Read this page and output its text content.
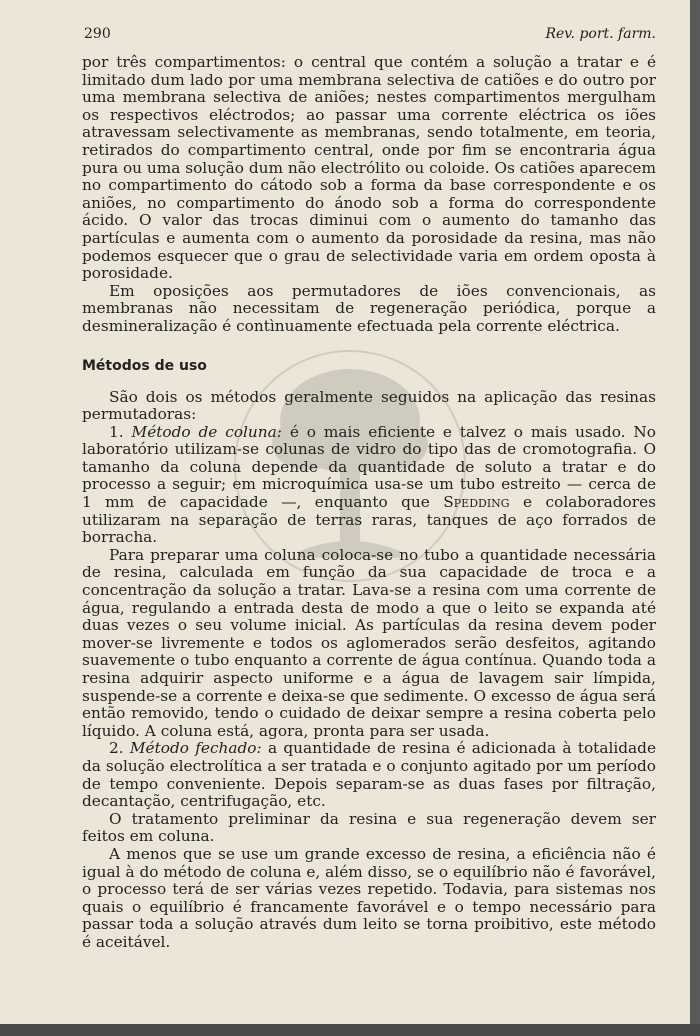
290	Rev. port. farm.

por três compartimentos: o central que contém a solução a tratar e é limitado dum lado por uma membrana selectiva de catiões e do outro por uma membrana selectiva de aniões; nestes compartimentos mergulham os respectivos eléctrodos; ao passar uma corrente eléctrica os iões atravessam selectivamente as membranas, sendo totalmente, em teoria, retirados do compartimento central, onde por fim se encontraria água pura ou uma solução dum não electrólito ou coloide. Os catiões aparecem no compartimento do cátodo sob a forma da base correspondente e os aniões, no compartimento do ánodo sob a forma do correspondente ácido. O valor das trocas diminui com o aumento do tamanho das partículas e aumenta com o aumento da porosidade da resina, mas não podemos esquecer que o grau de selectividade varia em ordem oposta à porosidade.

Em oposições aos permutadores de iões convencionais, as membranas não necessitam de regeneração periódica, porque a desmineralização é contìnuamente efectuada pela corrente eléctrica.

Métodos de uso

São dois os métodos geralmente seguidos na aplicação das resinas permutadoras:

1. Método de coluna: é o mais eficiente e talvez o mais usado. No laboratório utilizam-se colunas de vidro do tipo das de cromotografia. O tamanho da coluna depende da quantidade de soluto a tratar e do processo a seguir; em microquímica usa-se um tubo estreito — cerca de 1 mm de capacidade —, enquanto que Spedding e colaboradores utilizaram na separação de terras raras, tanques de aço forrados de borracha.

Para preparar uma coluna coloca-se no tubo a quantidade necessária de resina, calculada em função da sua capacidade de troca e a concentração da solução a tratar. Lava-se a resina com uma corrente de água, regulando a entrada desta de modo a que o leito se expanda até duas vezes o seu volume inicial. As partículas da resina devem poder mover-se livremente e todos os aglomerados serão desfeitos, agitando suavemente o tubo enquanto a corrente de água contínua. Quando toda a resina adquirir aspecto uniforme e a água de lavagem sair límpida, suspende-se a corrente e deixa-se que sedimente. O excesso de água será então removido, tendo o cuidado de deixar sempre a resina coberta pelo líquido. A coluna está, agora, pronta para ser usada.

2. Método fechado: a quantidade de resina é adicionada à totalidade da solução electrolítica a ser tratada e o conjunto agitado por um período de tempo conveniente. Depois separam-se as duas fases por filtração, decantação, centrifugação, etc.

O tratamento preliminar da resina e sua regeneração devem ser feitos em coluna.

A menos que se use um grande excesso de resina, a eficiência não é igual à do método de coluna e, além disso, se o equilíbrio não é favorável, o processo terá de ser várias vezes repetido. Todavia, para sistemas nos quais o equilíbrio é francamente favorável e o tempo necessário para passar toda a solução através dum leito se torna proibitivo, este método é aceitável.
